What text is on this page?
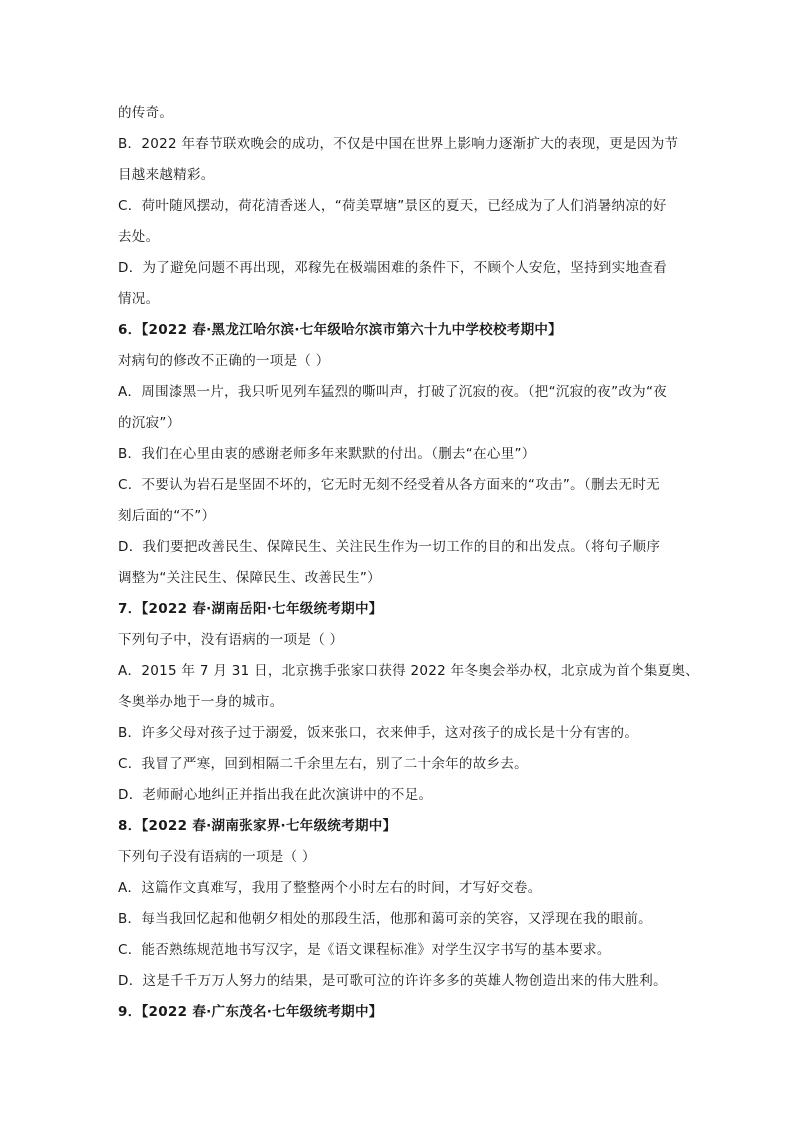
的传奇。
B．2022 年春节联欢晚会的成功，不仅是中国在世界上影响力逐渐扩大的表现，更是因为节
目越来越精彩。
C．荷叶随风摆动，荷花清香迷人，“荷美覃塘”景区的夏天，已经成为了人们消暑纳凉的好
去处。
D．为了避免问题不再出现，邓稼先在极端困难的条件下，不顾个人安危，坚持到实地查看
情况。
6．【2022 春·黑龙江哈尔滨·七年级哈尔滨市第六十九中学校校考期中】
对病句的修改不正确的一项是（ ）
A．周围漆黑一片，我只听见列车猛烈的嘶叫声，打破了沉寂的夜。（把“沉寂的夜”改为“夜
的沉寂”）
B．我们在心里由衷的感谢老师多年来默默的付出。（删去“在心里”）
C．不要认为岩石是坚固不坏的，它无时无刻不经受着从各方面来的“攻击”。（删去无时无
刻后面的“不”）
D．我们要把改善民生、保障民生、关注民生作为一切工作的目的和出发点。（将句子顺序
调整为“关注民生、保障民生、改善民生”）
7．【2022 春·湖南岳阳·七年级统考期中】
下列句子中，没有语病的一项是（ ）
A．2015 年 7 月 31 日，北京携手张家口获得 2022 年冬奥会举办权，北京成为首个集夏奥、
冬奥举办地于一身的城市。
B．许多父母对孩子过于溺爱，饭来张口，衣来伸手，这对孩子的成长是十分有害的。
C．我冒了严寒，回到相隔二千余里左右，别了二十余年的故乡去。
D．老师耐心地纠正并指出我在此次演讲中的不足。
8．【2022 春·湖南张家界·七年级统考期中】
下列句子没有语病的一项是（ ）
A．这篇作文真难写，我用了整整两个小时左右的时间，才写好交卷。
B．每当我回忆起和他朝夕相处的那段生活，他那和蔼可亲的笑容，又浮现在我的眼前。
C．能否熟练规范地书写汉字，是《语文课程标准》对学生汉字书写的基本要求。
D．这是千千万万人努力的结果，是可歌可泣的许许多多的英雄人物创造出来的伟大胜利。
9．【2022 春·广东茂名·七年级统考期中】
